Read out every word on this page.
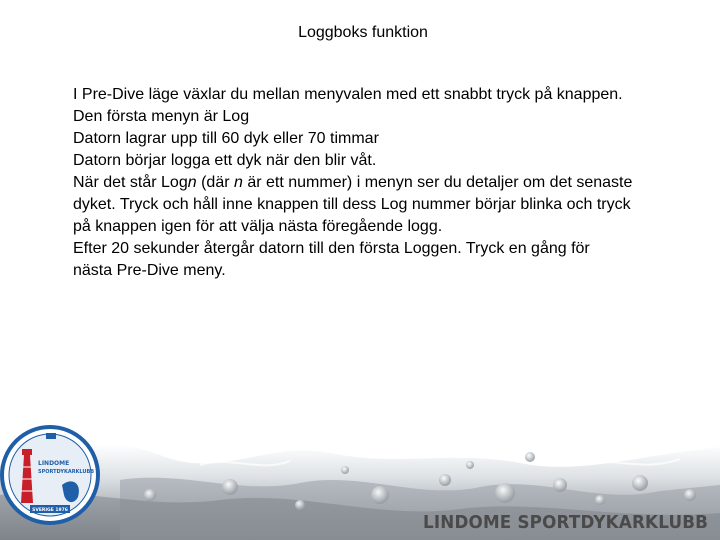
Loggboks funktion

I Pre-Dive läge växlar du mellan menyvalen med ett snabbt tryck på knappen.

Den första menyn är Log

Datorn lagrar upp till 60 dyk eller 70 timmar

Datorn börjar logga ett dyk när den blir våt.

När det står Logn (där n är ett nummer) i menyn ser du detaljer om det senaste dyket. Tryck och håll inne knappen till dess Log nummer börjar blinka och tryck på knappen igen för att välja nästa föregående logg.

Efter 20 sekunder återgår datorn till den första Loggen. Tryck en gång för nästa Pre-Dive meny.

LINDOME
SPORTDYKARKLUBB
SVERIGE 1976
LINDOME SPORTDYKARKLUBB
